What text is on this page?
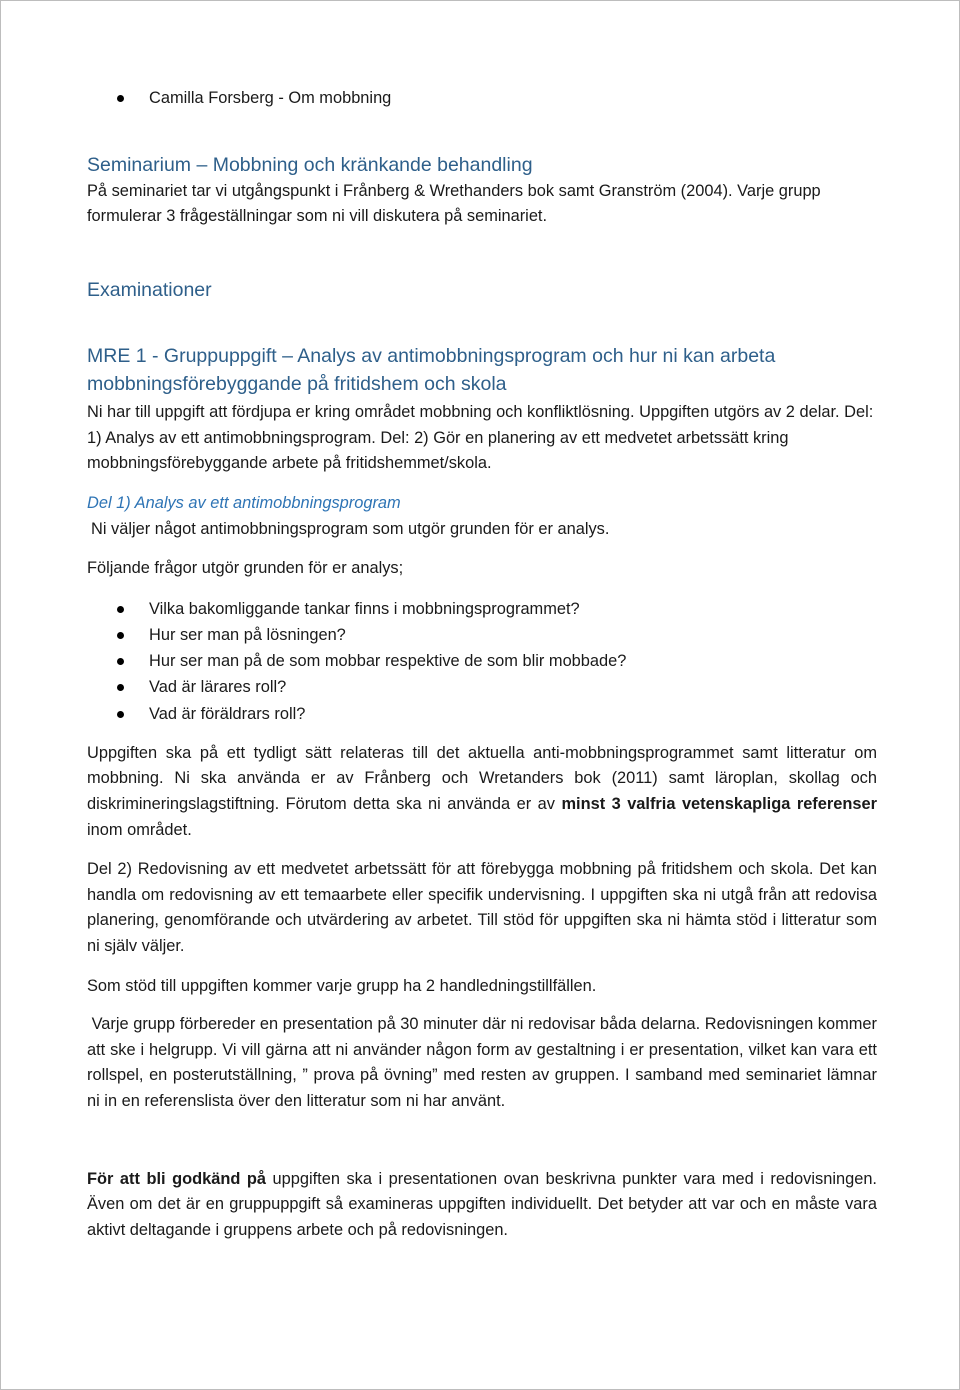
Camilla Forsberg - Om mobbning
Seminarium – Mobbning och kränkande behandling

På seminariet tar vi utgångspunkt i Frånberg & Wrethanders bok samt Granström (2004). Varje grupp formulerar 3 frågeställningar som ni vill diskutera på seminariet.

Examinationer
MRE 1 - Gruppuppgift – Analys av antimobbningsprogram och hur ni kan arbeta mobbningsförebyggande på fritidshem och skola

Ni har till uppgift att fördjupa er kring området mobbning och konfliktlösning. Uppgiften utgörs av 2 delar. Del: 1) Analys av ett antimobbningsprogram. Del: 2) Gör en planering av ett medvetet arbetssätt kring mobbningsförebyggande arbete på fritidshemmet/skola.

Del 1) Analys av ett antimobbningsprogram

Ni väljer något antimobbningsprogram som utgör grunden för er analys.

Följande frågor utgör grunden för er analys;

Vilka bakomliggande tankar finns i mobbningsprogrammet?
Hur ser man på lösningen?
Hur ser man på de som mobbar respektive de som blir mobbade?
Vad är lärares roll?
Vad är föräldrars roll?

Uppgiften ska på ett tydligt sätt relateras till det aktuella anti-mobbningsprogrammet samt litteratur om mobbning. Ni ska använda er av Frånberg och Wretanders bok (2011) samt läroplan, skollag och diskrimineringslagstiftning. Förutom detta ska ni använda er av minst 3 valfria vetenskapliga referenser inom området.

Del 2) Redovisning av ett medvetet arbetssätt för att förebygga mobbning på fritidshem och skola. Det kan handla om redovisning av ett temaarbete eller specifik undervisning. I uppgiften ska ni utgå från att redovisa planering, genomförande och utvärdering av arbetet. Till stöd för uppgiften ska ni hämta stöd i litteratur som ni själv väljer.

Som stöd till uppgiften kommer varje grupp ha 2 handledningstillfällen.

Varje grupp förbereder en presentation på 30 minuter där ni redovisar båda delarna. Redovisningen kommer att ske i helgrupp. Vi vill gärna att ni använder någon form av gestaltning i er presentation, vilket kan vara ett rollspel, en posterutställning, ” prova på övning” med resten av gruppen. I samband med seminariet lämnar ni in en referenslista över den litteratur som ni har använt.

För att bli godkänd på uppgiften ska i presentationen ovan beskrivna punkter vara med i redovisningen. Även om det är en gruppuppgift så examineras uppgiften individuellt. Det betyder att var och en måste vara aktivt deltagande i gruppens arbete och på redovisningen.
